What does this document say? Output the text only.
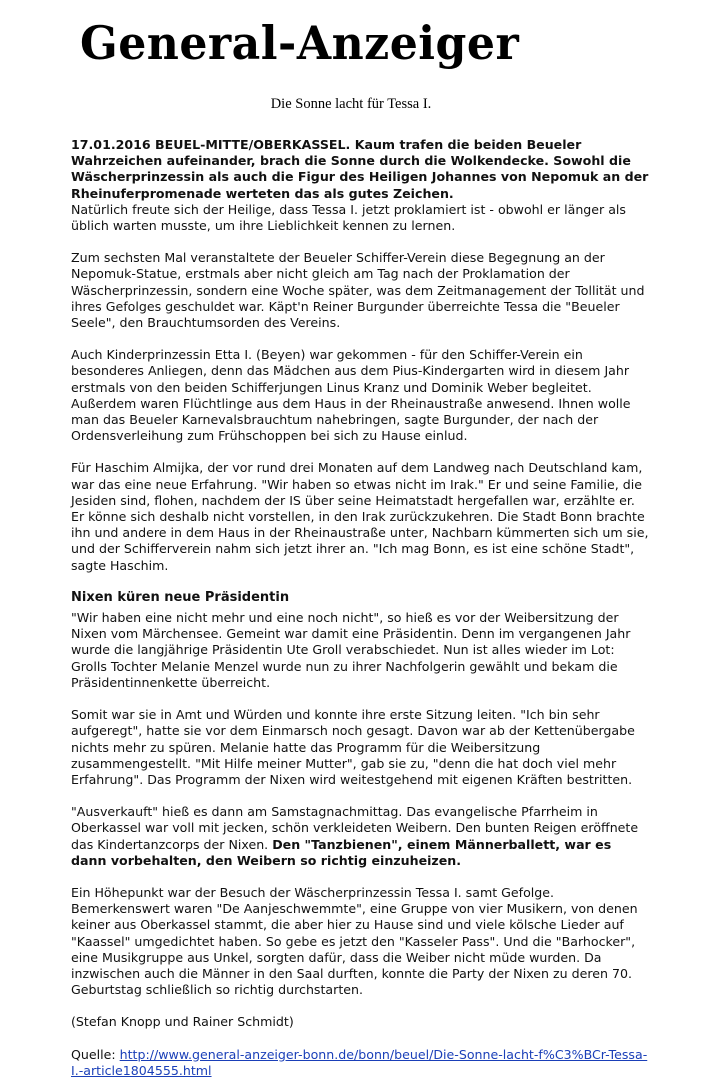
General-Anzeiger
Die Sonne lacht für Tessa I.
17.01.2016 BEUEL-MITTE/OBERKASSEL. Kaum trafen die beiden Beueler Wahrzeichen aufeinander, brach die Sonne durch die Wolkendecke. Sowohl die Wäscherprinzessin als auch die Figur des Heiligen Johannes von Nepomuk an der Rheinuferpromenade werteten das als gutes Zeichen.

Natürlich freute sich der Heilige, dass Tessa I. jetzt proklamiert ist - obwohl er länger als üblich warten musste, um ihre Lieblichkeit kennen zu lernen.

Zum sechsten Mal veranstaltete der Beueler Schiffer-Verein diese Begegnung an der Nepomuk-Statue, erstmals aber nicht gleich am Tag nach der Proklamation der Wäscherprinzessin, sondern eine Woche später, was dem Zeitmanagement der Tollität und ihres Gefolges geschuldet war. Käpt'n Reiner Burgunder überreichte Tessa die "Beueler Seele", den Brauchtumsorden des Vereins.

Auch Kinderprinzessin Etta I. (Beyen) war gekommen - für den Schiffer-Verein ein besonderes Anliegen, denn das Mädchen aus dem Pius-Kindergarten wird in diesem Jahr erstmals von den beiden Schifferjungen Linus Kranz und Dominik Weber begleitet. Außerdem waren Flüchtlinge aus dem Haus in der Rheinaustraße anwesend. Ihnen wolle man das Beueler Karnevalsbrauchtum nahebringen, sagte Burgunder, der nach der Ordensverleihung zum Frühschoppen bei sich zu Hause einlud.

Für Haschim Almijka, der vor rund drei Monaten auf dem Landweg nach Deutschland kam, war das eine neue Erfahrung. "Wir haben so etwas nicht im Irak." Er und seine Familie, die Jesiden sind, flohen, nachdem der IS über seine Heimatstadt hergefallen war, erzählte er. Er könne sich deshalb nicht vorstellen, in den Irak zurückzukehren. Die Stadt Bonn brachte ihn und andere in dem Haus in der Rheinaustraße unter, Nachbarn kümmerten sich um sie, und der Schifferverein nahm sich jetzt ihrer an. "Ich mag Bonn, es ist eine schöne Stadt", sagte Haschim.

Nixen küren neue Präsidentin

"Wir haben eine nicht mehr und eine noch nicht", so hieß es vor der Weibersitzung der Nixen vom Märchensee. Gemeint war damit eine Präsidentin. Denn im vergangenen Jahr wurde die langjährige Präsidentin Ute Groll verabschiedet. Nun ist alles wieder im Lot: Grolls Tochter Melanie Menzel wurde nun zu ihrer Nachfolgerin gewählt und bekam die Präsidentinnenkette überreicht.

Somit war sie in Amt und Würden und konnte ihre erste Sitzung leiten. "Ich bin sehr aufgeregt", hatte sie vor dem Einmarsch noch gesagt. Davon war ab der Kettenübergabe nichts mehr zu spüren. Melanie hatte das Programm für die Weibersitzung zusammengestellt. "Mit Hilfe meiner Mutter", gab sie zu, "denn die hat doch viel mehr Erfahrung". Das Programm der Nixen wird weitestgehend mit eigenen Kräften bestritten.

"Ausverkauft" hieß es dann am Samstagnachmittag. Das evangelische Pfarrheim in Oberkassel war voll mit jecken, schön verkleideten Weibern. Den bunten Reigen eröffnete das Kindertanzcorps der Nixen. Den "Tanzbienen", einem Männerballett, war es dann vorbehalten, den Weibern so richtig einzuheizen.

Ein Höhepunkt war der Besuch der Wäscherprinzessin Tessa I. samt Gefolge. Bemerkenswert waren "De Aanjeschwemmte", eine Gruppe von vier Musikern, von denen keiner aus Oberkassel stammt, die aber hier zu Hause sind und viele kölsche Lieder auf "Kaassel" umgedichtet haben. So gebe es jetzt den "Kasseler Pass". Und die "Barhocker", eine Musikgruppe aus Unkel, sorgten dafür, dass die Weiber nicht müde wurden. Da inzwischen auch die Männer in den Saal durften, konnte die Party der Nixen zu deren 70. Geburtstag schließlich so richtig durchstarten.

(Stefan Knopp und Rainer Schmidt)

Quelle: http://www.general-anzeiger-bonn.de/bonn/beuel/Die-Sonne-lacht-f%C3%BCr-Tessa-I.-article1804555.html
